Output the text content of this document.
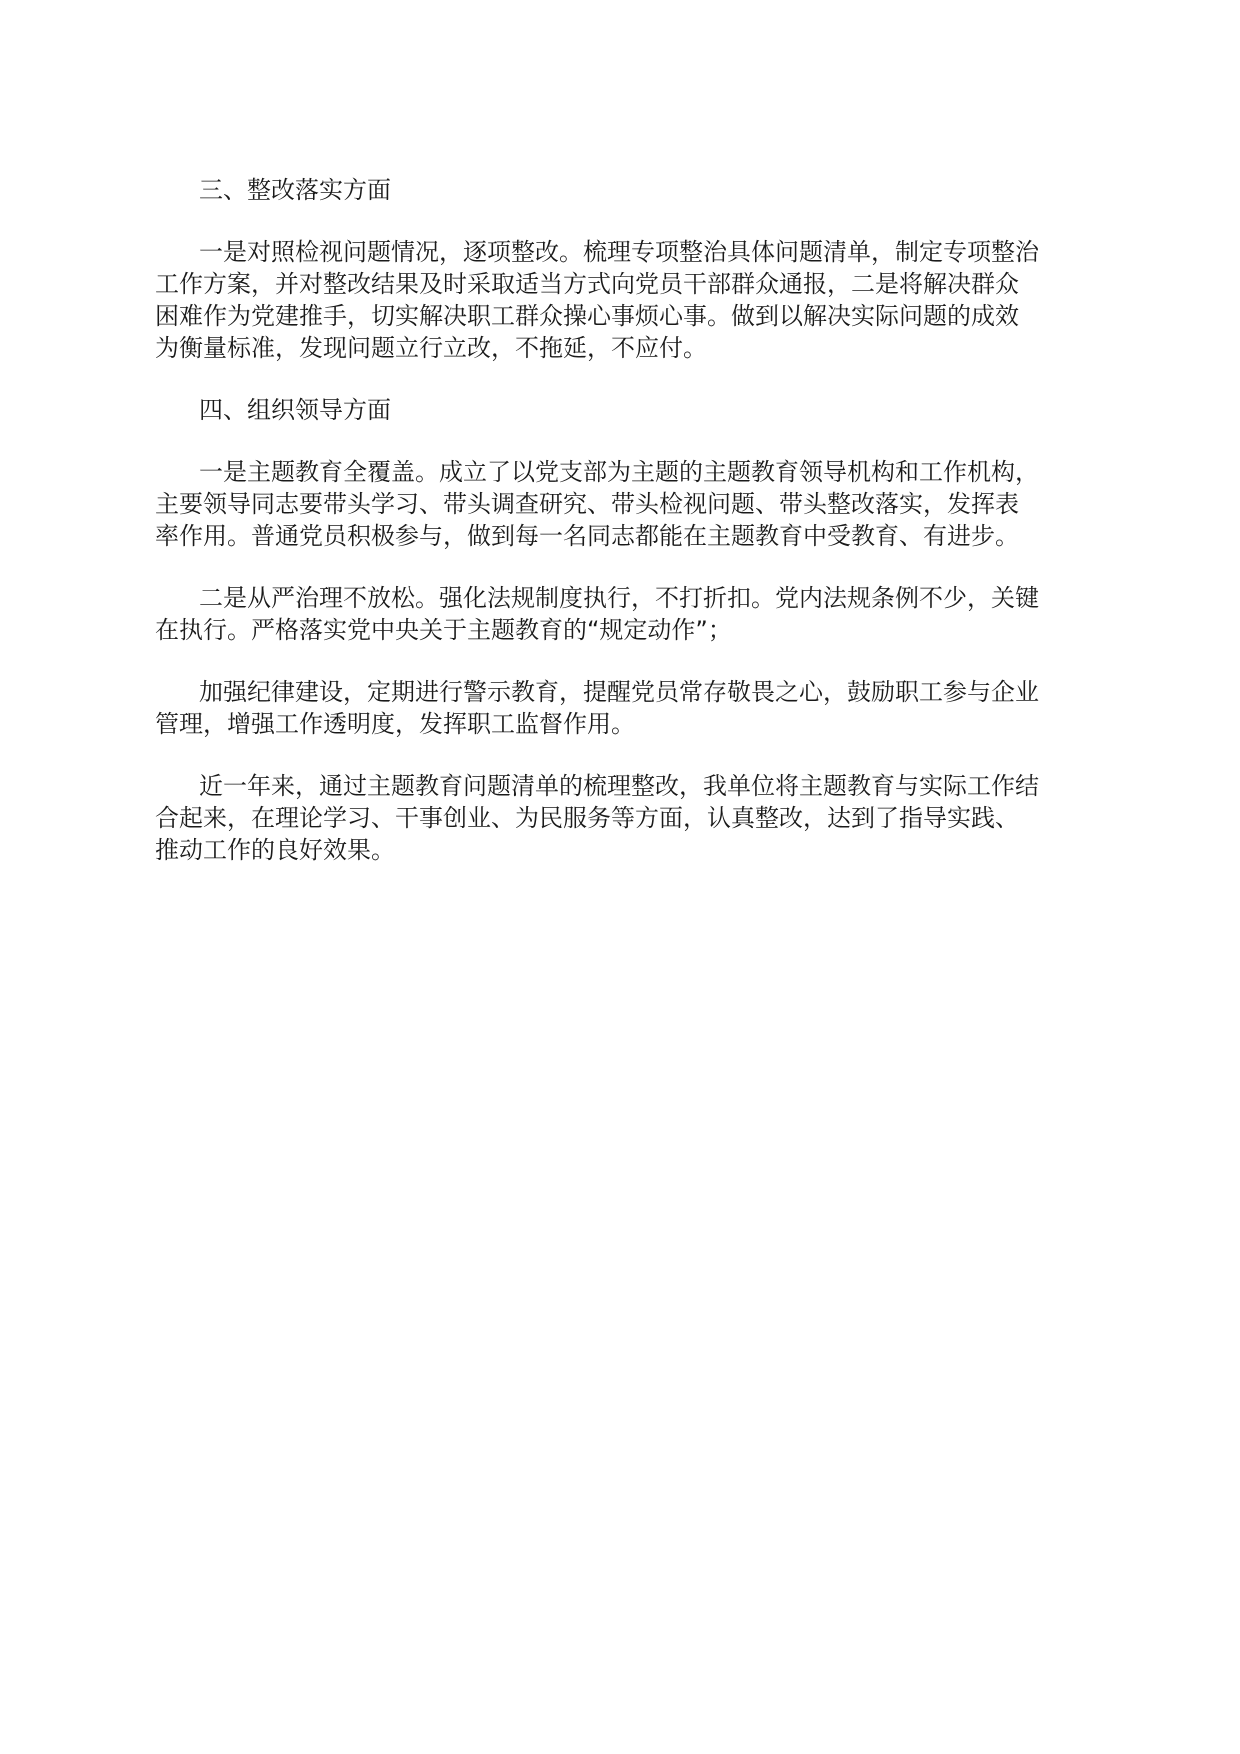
三、整改落实方面
一是对照检视问题情况，逐项整改。梳理专项整治具体问题清单，制定专项整治
工作方案，并对整改结果及时采取适当方式向党员干部群众通报，二是将解决群众
困难作为党建推手，切实解决职工群众操心事烦心事。做到以解决实际问题的成效
为衡量标准，发现问题立行立改，不拖延，不应付。
四、组织领导方面
一是主题教育全覆盖。成立了以党支部为主题的主题教育领导机构和工作机构，
主要领导同志要带头学习、带头调查研究、带头检视问题、带头整改落实，发挥表
率作用。普通党员积极参与，做到每一名同志都能在主题教育中受教育、有进步。
二是从严治理不放松。强化法规制度执行，不打折扣。党内法规条例不少，关键
在执行。严格落实党中央关于主题教育的“规定动作”；
加强纪律建设，定期进行警示教育，提醒党员常存敬畏之心，鼓励职工参与企业
管理，增强工作透明度，发挥职工监督作用。
近一年来，通过主题教育问题清单的梳理整改，我单位将主题教育与实际工作结
合起来，在理论学习、干事创业、为民服务等方面，认真整改，达到了指导实践、
推动工作的良好效果。
